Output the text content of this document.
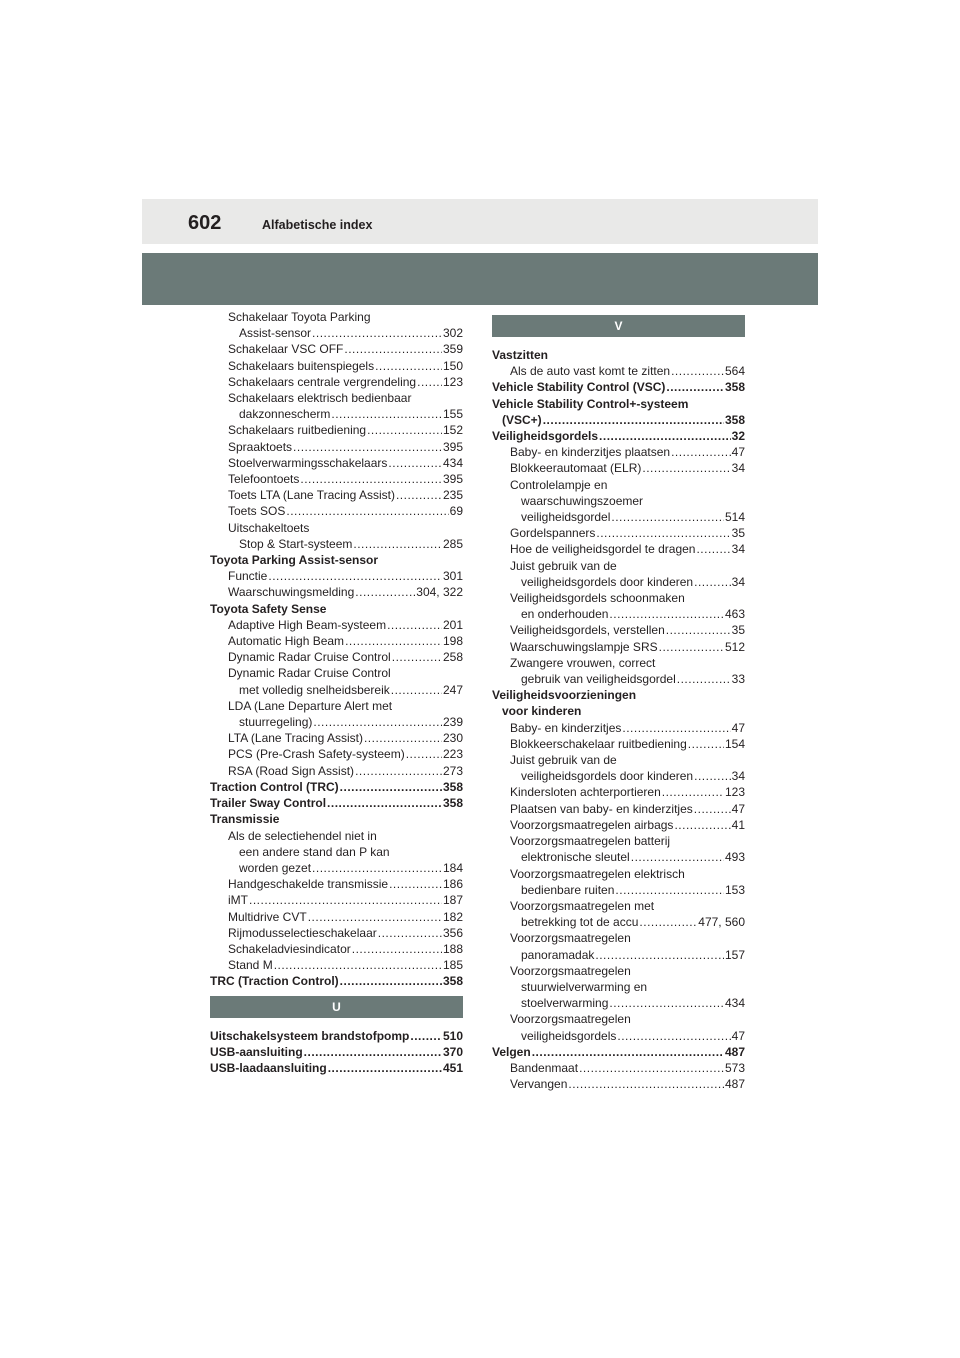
602	Alfabetische index
Schakelaar Toyota Parking
Assist-sensor .....	302
Schakelaar VSC OFF .....	359
Schakelaars buitenspiegels .....	150
Schakelaars centrale vergrendeling ..... 123
Schakelaars elektrisch bedienbaar
dakzonnescherm .....	155
Schakelaars ruitbediening .....	152
Spraaktoets .....	395
Stoelverwarmingsschakelaars .....	434
Telefoontoets .....	395
Toets LTA (Lane Tracing Assist) .....	235
Toets SOS .....	69
Uitschakeltoets
Stop & Start-systeem .....	285
Toyota Parking Assist-sensor
Functie .....	301
Waarschuwingsmelding .....	304, 322
Toyota Safety Sense
Adaptive High Beam-systeem .....	201
Automatic High Beam .....	198
Dynamic Radar Cruise Control .....	258
Dynamic Radar Cruise Control
met volledig snelheidsbereik .....	247
LDA (Lane Departure Alert met
stuurregeling) .....	239
LTA (Lane Tracing Assist) .....	230
PCS (Pre-Crash Safety-systeem) .....	223
RSA (Road Sign Assist) .....	273
Traction Control (TRC) .....	358
Trailer Sway Control .....	358
Transmissie
Als de selectiehendel niet in
een andere stand dan P kan
worden gezet .....	184
Handgeschakelde transmissie .....	186
iMT .....	187
Multidrive CVT .....	182
Rijmodusselectieschakelaar .....	356
Schakeladviesindicator .....	188
Stand M .....	185
TRC (Traction Control) .....	358
U
Uitschakelsysteem brandstofpomp .....	510
USB-aansluiting .....	370
USB-laadaansluiting .....	451
V
Vastzitten
Als de auto vast komt te zitten .....	564
Vehicle Stability Control (VSC) .....	358
Vehicle Stability Control+-systeem
(VSC+) .....	358
Veiligheidsgordels .....	32
Baby- en kinderzitjes plaatsen .....	47
Blokkeerautomaat (ELR) .....	34
Controlelampje en
waarschuwingszoemer
veiligheidsgordel .....	514
Gordelspanners .....	35
Hoe de veiligheidsgordel te dragen .....	34
Juist gebruik van de
veiligheidsgordels door kinderen .....	34
Veiligheidsgordels schoonmaken
en onderhouden .....	463
Veiligheidsgordels, verstellen .....	35
Waarschuwingslampje SRS .....	512
Zwangere vrouwen, correct
gebruik van veiligheidsgordel .....	33
Veiligheidsvoorzieningen
voor kinderen
Baby- en kinderzitjes .....	47
Blokkeerschakelaar ruitbediening .....	154
Juist gebruik van de
veiligheidsgordels door kinderen .....	34
Kindersloten achterportieren .....	123
Plaatsen van baby- en kinderzitjes .....	47
Voorzorgsmaatregelen airbags .....	41
Voorzorgsmaatregelen batterij
elektronische sleutel .....	493
Voorzorgsmaatregelen elektrisch
bedienbare ruiten .....	153
Voorzorgsmaatregelen met
betrekking tot de accu .....	477, 560
Voorzorgsmaatregelen
panoramadak .....	157
Voorzorgsmaatregelen
stuurwielverwarming en
stoelverwarming .....	434
Voorzorgsmaatregelen
veiligheidsgordels .....	47
Velgen .....	487
Bandenmaat .....	573
Vervangen .....	487
